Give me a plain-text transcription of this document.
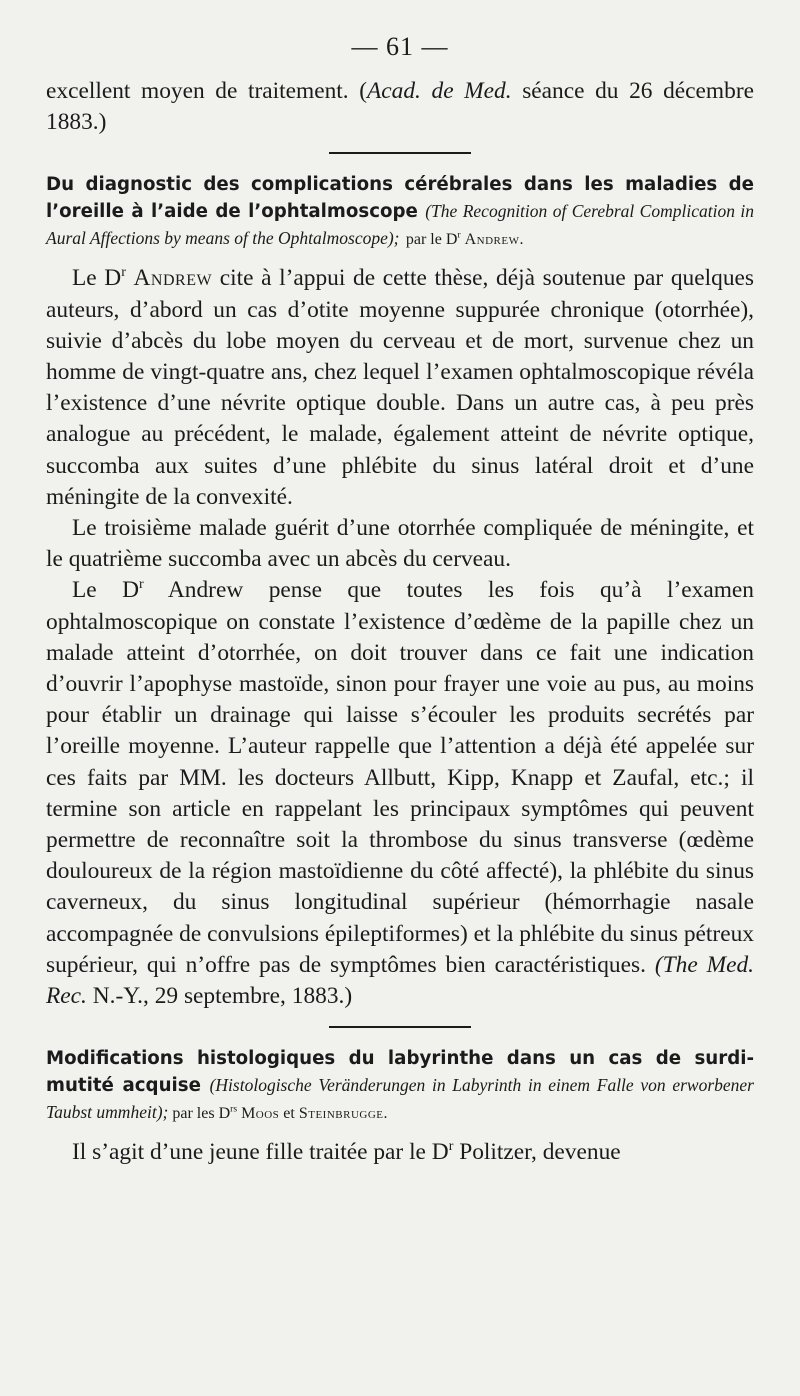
— 61 —

excellent moyen de traitement. (Acad. de Med. séance du 26 décembre 1883.)

Du diagnostic des complications cérébrales dans les maladies de l’oreille à l’aide de l’ophtalmoscope (The Recognition of Cerebral Complication in Aural Affections by means of the Ophtalmoscope); par le $D^r$ Andrew.

Le $D^r$ Andrew cite à l’appui de cette thèse, déjà soutenue par quelques auteurs, d’abord un cas d’otite moyenne suppurée chronique (otorrhée), suivie d’abcès du lobe moyen du cerveau et de mort, survenue chez un homme de vingt-quatre ans, chez lequel l’examen ophtalmoscopique révéla l’existence d’une névrite optique double. Dans un autre cas, à peu près analogue au précédent, le malade, également atteint de névrite optique, succomba aux suites d’une phlébite du sinus latéral droit et d’une méningite de la convexité.

Le troisième malade guérit d’une otorrhée compliquée de méningite, et le quatrième succomba avec un abcès du cerveau.

Le $D^r$ Andrew pense que toutes les fois qu’à l’examen ophtalmoscopique on constate l’existence d’œdème de la papille chez un malade atteint d’otorrhée, on doit trouver dans ce fait une indication d’ouvrir l’apophyse mastoïde, sinon pour frayer une voie au pus, au moins pour établir un drainage qui laisse s’écouler les produits secrétés par l’oreille moyenne. L’auteur rappelle que l’attention a déjà été appelée sur ces faits par MM. les docteurs Allbutt, Kipp, Knapp et Zaufal, etc.; il termine son article en rappelant les principaux symptômes qui peuvent permettre de reconnaître soit la thrombose du sinus transverse (œdème douloureux de la région mastoïdienne du côté affecté), la phlébite du sinus caverneux, du sinus longitudinal supérieur (hémorrhagie nasale accompagnée de convulsions épileptiformes) et la phlébite du sinus pétreux supérieur, qui n’offre pas de symptômes bien caractéristiques. (The Med. Rec. N.-Y., 29 septembre, 1883.)

Modifications histologiques du labyrinthe dans un cas de surdi-mutité acquise (Histologische Veränderungen in Labyrinth in einem Falle von erworbener Taubst ummheit); par les $D^{rs}$ Moos et Steinbrugge.

Il s’agit d’une jeune fille traitée par le $D^r$ Politzer, devenue
